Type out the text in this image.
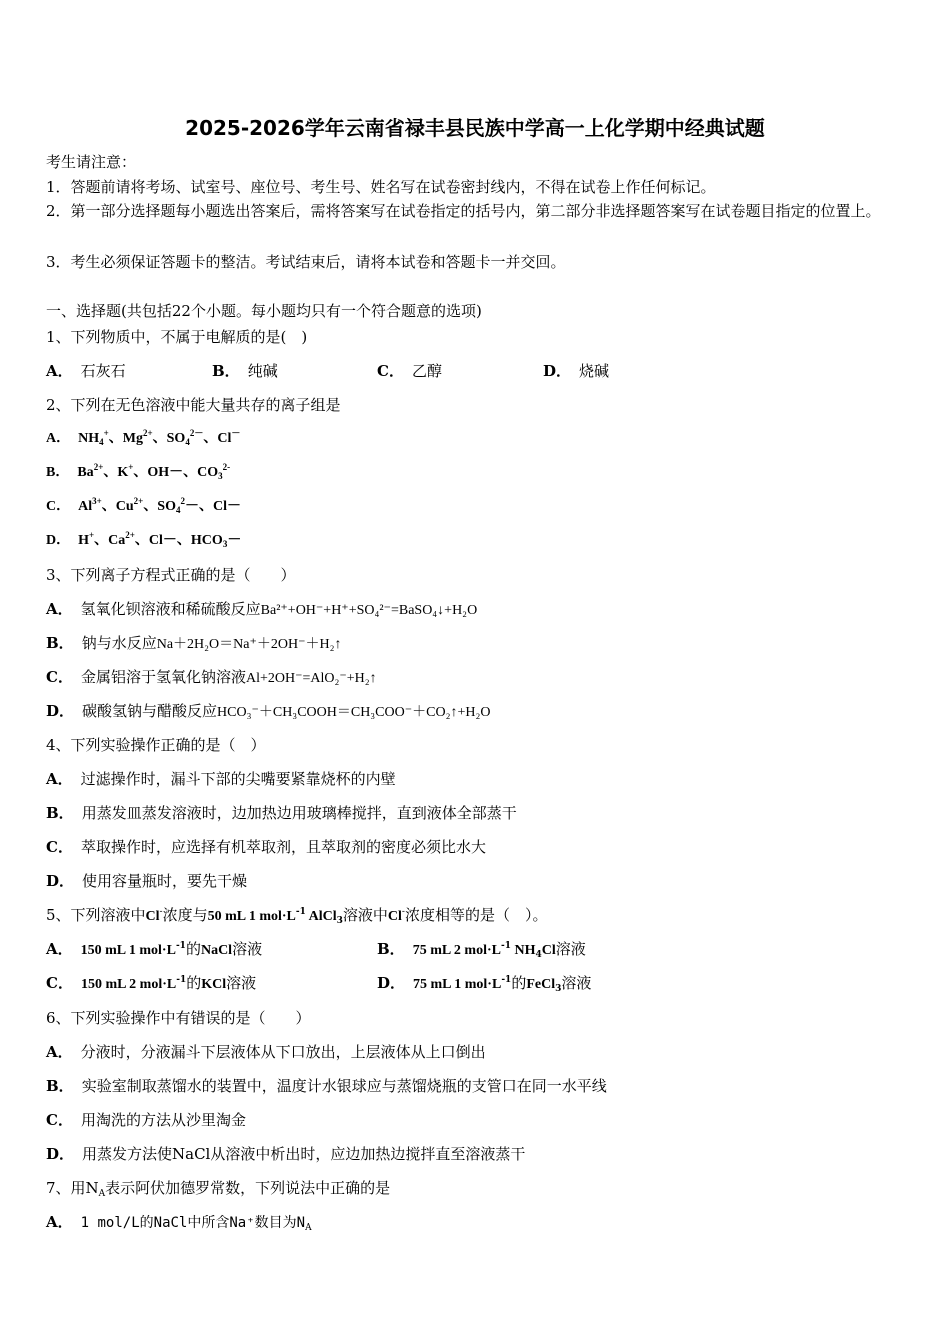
2025-2026学年云南省禄丰县民族中学高一上化学期中经典试题
考生请注意：
1．答题前请将考场、试室号、座位号、考生号、姓名写在试卷密封线内，不得在试卷上作任何标记。
2．第一部分选择题每小题选出答案后，需将答案写在试卷指定的括号内，第二部分非选择题答案写在试卷题目指定的位置上。
3．考生必须保证答题卡的整洁。考试结束后，请将本试卷和答题卡一并交回。
一、选择题(共包括22个小题。每小题均只有一个符合题意的选项)
1、下列物质中，不属于电解质的是(　)
A． 石灰石	B． 纯碱	C． 乙醇	D． 烧碱
2、下列在无色溶液中能大量共存的离子组是
A． $NH_4^+$、$Mg^{2+}$、$SO_4^{2-}$、Cl－
B． $Ba^{2+}$、K+、OH－、$CO_3^{2-}$
C． $Al^{3+}$、$Cu^{2+}$、$SO_4^2-$、Cl－
D． H+、$Ca^{2+}$、Cl－、$HCO_3-$
3、下列离子方程式正确的是（　　）
A． 氢氧化钡溶液和稀硫酸反应Ba²⁺+OH⁻+H⁺+SO₄²⁻=BaSO₄↓+H₂O
B． 钠与水反应Na＋2H₂O＝Na⁺＋2OH⁻＋H₂↑
C． 金属铝溶于氢氧化钠溶液Al+2OH⁻=AlO₂⁻+H₂↑
D． 碳酸氢钠与醋酸反应HCO₃⁻＋CH₃COOH＝CH₃COO⁻＋CO₂↑+H₂O
4、下列实验操作正确的是（　）
A． 过滤操作时，漏斗下部的尖嘴要紧靠烧杯的内壁
B． 用蒸发皿蒸发溶液时，边加热边用玻璃棒搅拌，直到液体全部蒸干
C． 萃取操作时，应选择有机萃取剂，且萃取剂的密度必须比水大
D． 使用容量瓶时，要先干燥
5、下列溶液中Cl-浓度与50 mL 1 $mol\cdot L^{-1}$ AlCl$_3$溶液中Cl-浓度相等的是（　）。
A． 150 mL 1 $mol\cdot L^{-1}$的NaCl溶液	B． 75 mL 2 $mol\cdot L^{-1}$ $NH_4Cl$溶液
C． 150 mL 2 $mol\cdot L^{-1}$的KCl溶液	D． 75 mL 1 $mol\cdot L^{-1}$的FeCl$_3$溶液
6、下列实验操作中有错误的是（　　）
A． 分液时，分液漏斗下层液体从下口放出，上层液体从上口倒出
B． 实验室制取蒸馏水的装置中，温度计水银球应与蒸馏烧瓶的支管口在同一水平线
C． 用淘洗的方法从沙里淘金
D． 用蒸发方法使NaCl从溶液中析出时，应边加热边搅拌直至溶液蒸干
7、用$N_A$表示阿伏加德罗常数，下列说法中正确的是
A． 1 mol/L的NaCl中所含Na⁺数目为$N_A$
